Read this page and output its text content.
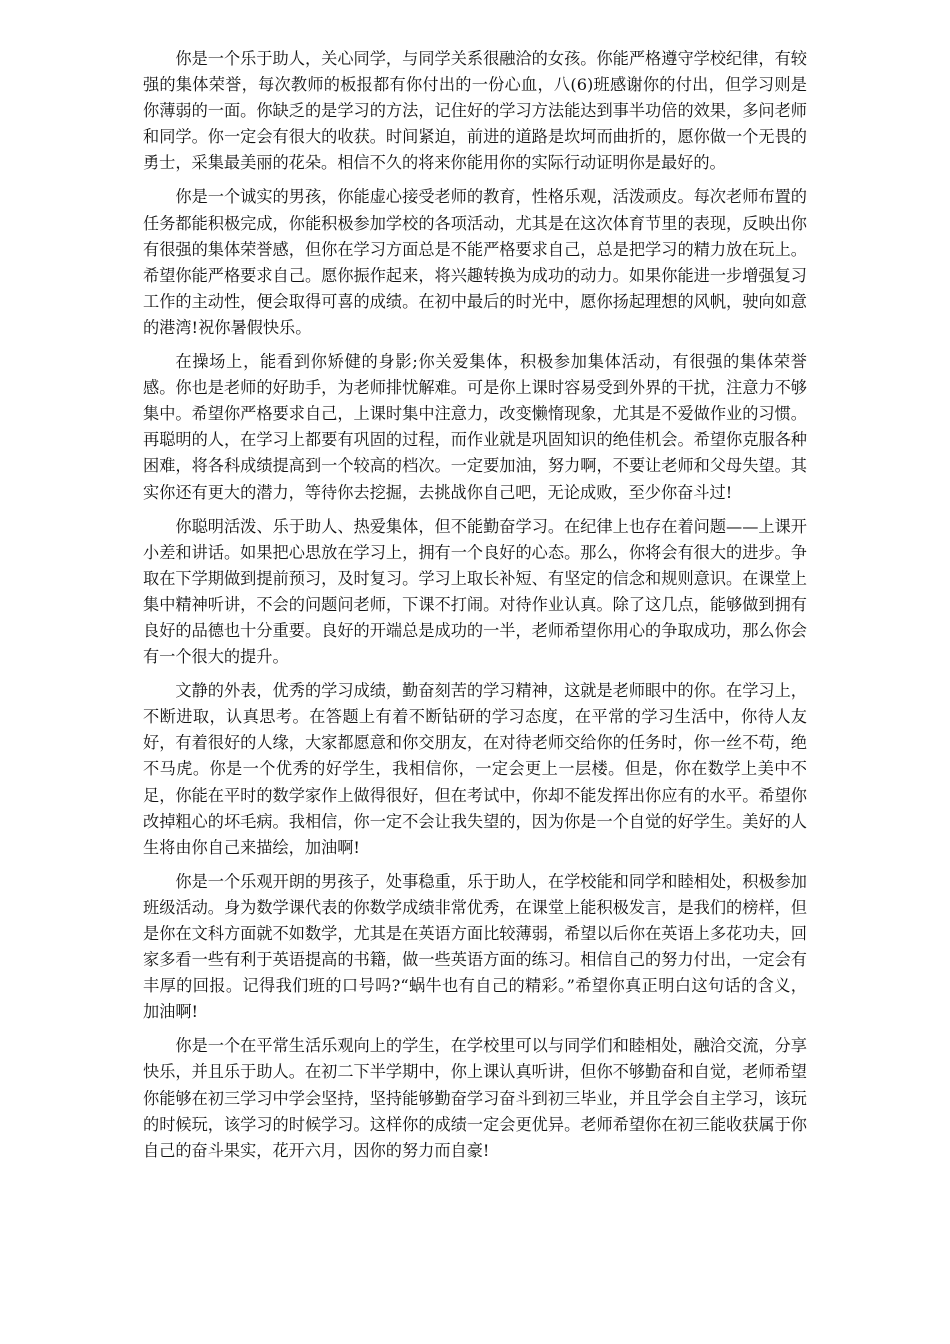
你是一个乐于助人，关心同学，与同学关系很融洽的女孩。你能严格遵守学校纪律，有较强的集体荣誉，每次教师的板报都有你付出的一份心血，八(6)班感谢你的付出，但学习则是你薄弱的一面。你缺乏的是学习的方法，记住好的学习方法能达到事半功倍的效果，多问老师和同学。你一定会有很大的收获。时间紧迫，前进的道路是坎坷而曲折的，愿你做一个无畏的勇士，采集最美丽的花朵。相信不久的将来你能用你的实际行动证明你是最好的。

你是一个诚实的男孩，你能虚心接受老师的教育，性格乐观，活泼顽皮。每次老师布置的任务都能积极完成，你能积极参加学校的各项活动，尤其是在这次体育节里的表现，反映出你有很强的集体荣誉感，但你在学习方面总是不能严格要求自己，总是把学习的精力放在玩上。希望你能严格要求自己。愿你振作起来，将兴趣转换为成功的动力。如果你能进一步增强复习工作的主动性，便会取得可喜的成绩。在初中最后的时光中，愿你扬起理想的风帆，驶向如意的港湾!祝你暑假快乐。

在操场上，能看到你矫健的身影;你关爱集体，积极参加集体活动，有很强的集体荣誉感。你也是老师的好助手，为老师排忧解难。可是你上课时容易受到外界的干扰，注意力不够集中。希望你严格要求自己，上课时集中注意力，改变懒惰现象，尤其是不爱做作业的习惯。再聪明的人，在学习上都要有巩固的过程，而作业就是巩固知识的绝佳机会。希望你克服各种困难，将各科成绩提高到一个较高的档次。一定要加油，努力啊，不要让老师和父母失望。其实你还有更大的潜力，等待你去挖掘，去挑战你自己吧，无论成败，至少你奋斗过!

你聪明活泼、乐于助人、热爱集体，但不能勤奋学习。在纪律上也存在着问题——上课开小差和讲话。如果把心思放在学习上，拥有一个良好的心态。那么，你将会有很大的进步。争取在下学期做到提前预习，及时复习。学习上取长补短、有坚定的信念和规则意识。在课堂上集中精神听讲，不会的问题问老师，下课不打闹。对待作业认真。除了这几点，能够做到拥有良好的品德也十分重要。良好的开端总是成功的一半，老师希望你用心的争取成功，那么你会有一个很大的提升。

文静的外表，优秀的学习成绩，勤奋刻苦的学习精神，这就是老师眼中的你。在学习上，不断进取，认真思考。在答题上有着不断钻研的学习态度，在平常的学习生活中，你待人友好，有着很好的人缘，大家都愿意和你交朋友，在对待老师交给你的任务时，你一丝不苟，绝不马虎。你是一个优秀的好学生，我相信你，一定会更上一层楼。但是，你在数学上美中不足，你能在平时的数学家作上做得很好，但在考试中，你却不能发挥出你应有的水平。希望你改掉粗心的坏毛病。我相信，你一定不会让我失望的，因为你是一个自觉的好学生。美好的人生将由你自己来描绘，加油啊!

你是一个乐观开朗的男孩子，处事稳重，乐于助人，在学校能和同学和睦相处，积极参加班级活动。身为数学课代表的你数学成绩非常优秀，在课堂上能积极发言，是我们的榜样，但是你在文科方面就不如数学，尤其是在英语方面比较薄弱，希望以后你在英语上多花功夫，回家多看一些有利于英语提高的书籍，做一些英语方面的练习。相信自己的努力付出，一定会有丰厚的回报。记得我们班的口号吗?“蜗牛也有自己的精彩。”希望你真正明白这句话的含义，加油啊!

你是一个在平常生活乐观向上的学生，在学校里可以与同学们和睦相处，融洽交流，分享快乐，并且乐于助人。在初二下半学期中，你上课认真听讲，但你不够勤奋和自觉，老师希望你能够在初三学习中学会坚持，坚持能够勤奋学习奋斗到初三毕业，并且学会自主学习，该玩的时候玩，该学习的时候学习。这样你的成绩一定会更优异。老师希望你在初三能收获属于你自己的奋斗果实，花开六月，因你的努力而自豪!
